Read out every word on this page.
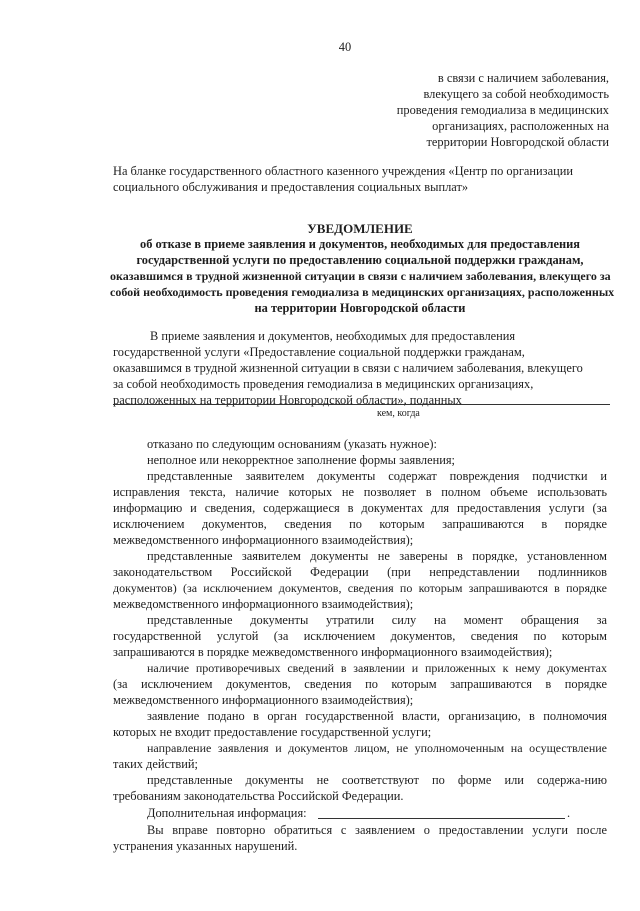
40
в связи с наличием заболевания,
влекущего за собой необходимость
проведения гемодиализа в медицинских
организациях, расположенных на
территории Новгородской области
На бланке государственного областного казенного учреждения «Центр по организации
социального обслуживания и предоставления социальных выплат»
УВЕДОМЛЕНИЕ
об отказе в приеме заявления и документов, необходимых для предоставления
государственной услуги по предоставлению социальной поддержки гражданам,
оказавшимся в трудной жизненной ситуации в связи с наличием заболевания, влекущего за
собой необходимость проведения гемодиализа в медицинских организациях, расположенных
на территории Новгородской области
В приеме заявления и документов, необходимых для предоставления
государственной услуги «Предоставление социальной поддержки гражданам,
оказавшимся в трудной жизненной ситуации в связи с наличием заболевания, влекущего
за собой необходимость проведения гемодиализа в медицинских организациях,
расположенных на территории Новгородской области», поданных
кем, когда
отказано по следующим основаниям (указать нужное):
неполное или некорректное заполнение формы заявления;
представленные заявителем документы содержат повреждения подчистки и
исправления текста, наличие которых не позволяет в полном объеме использовать
информацию и сведения, содержащиеся в документах для предоставления услуги (за
исключением документов, сведения по которым запрашиваются в порядке
межведомственного информационного взаимодействия);
представленные заявителем документы не заверены в порядке, установленном
законодательством Российской Федерации (при непредставлении подлинников
документов) (за исключением документов, сведения по которым запрашиваются в порядке
межведомственного информационного взаимодействия);
представленные документы утратили силу на момент обращения за
государственной услугой (за исключением документов, сведения по которым
запрашиваются в порядке межведомственного информационного взаимодействия);
наличие противоречивых сведений в заявлении и приложенных к нему документах
(за исключением документов, сведения по которым запрашиваются в порядке
межведомственного информационного взаимодействия);
заявление подано в орган государственной власти, организацию, в полномочия
которых не входит предоставление государственной услуги;
направление заявления и документов лицом, не уполномоченным на осуществление
таких действий;
представленные документы не соответствуют по форме или содержа-нию
требованиям законодательства Российской Федерации.
Дополнительная информация:	.
Вы вправе повторно обратиться с заявлением о предоставлении услуги после
устранения указанных нарушений.
